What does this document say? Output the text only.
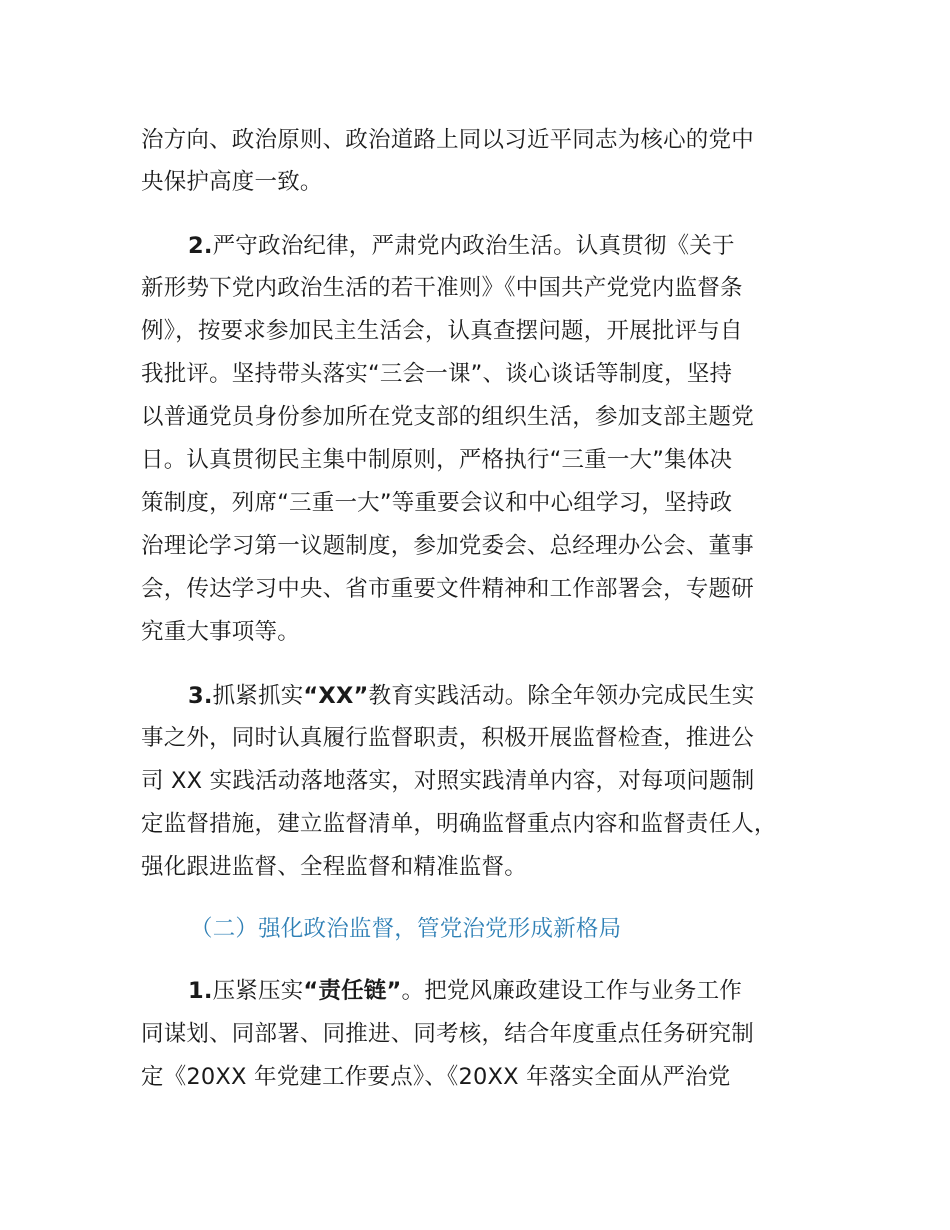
治方向、政治原则、政治道路上同以习近平同志为核心的党中
央保护高度一致。
2.严守政治纪律，严肃党内政治生活。认真贯彻《关于
新形势下党内政治生活的若干准则》《中国共产党党内监督条
例》，按要求参加民主生活会，认真查摆问题，开展批评与自
我批评。坚持带头落实“三会一课”、谈心谈话等制度，坚持
以普通党员身份参加所在党支部的组织生活，参加支部主题党
日。认真贯彻民主集中制原则，严格执行“三重一大”集体决
策制度，列席“三重一大”等重要会议和中心组学习，坚持政
治理论学习第一议题制度，参加党委会、总经理办公会、董事
会，传达学习中央、省市重要文件精神和工作部署会，专题研
究重大事项等。
3.抓紧抓实“XX”教育实践活动。除全年领办完成民生实
事之外，同时认真履行监督职责，积极开展监督检查，推进公
司 XX 实践活动落地落实，对照实践清单内容，对每项问题制
定监督措施，建立监督清单，明确监督重点内容和监督责任人，
强化跟进监督、全程监督和精准监督。
（二）强化政治监督，管党治党形成新格局
1.压紧压实“责任链”。把党风廉政建设工作与业务工作
同谋划、同部署、同推进、同考核，结合年度重点任务研究制
定《20XX 年党建工作要点》、《20XX 年落实全面从严治党
